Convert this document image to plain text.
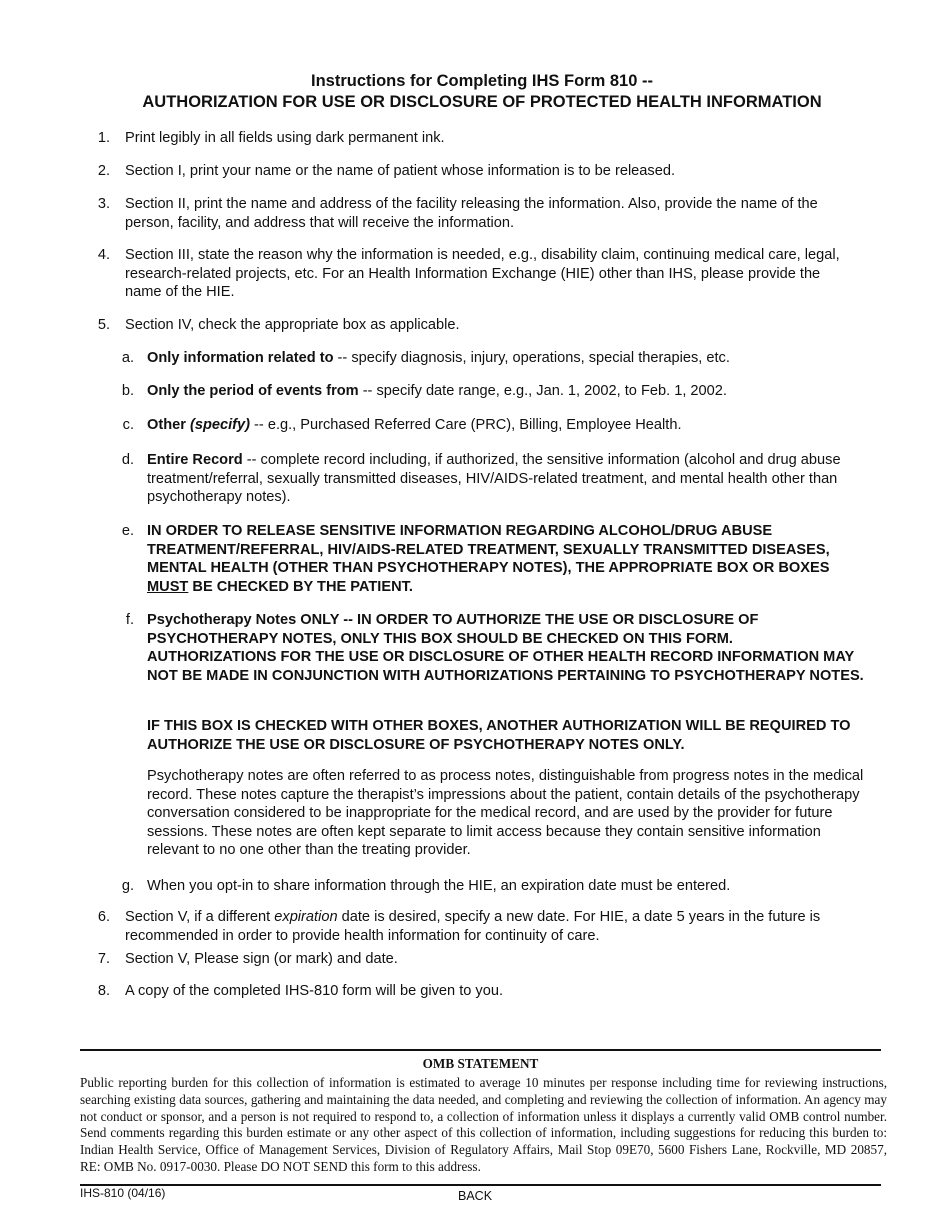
Instructions for Completing IHS Form 810 --
AUTHORIZATION FOR USE OR DISCLOSURE OF PROTECTED HEALTH INFORMATION
1. Print legibly in all fields using dark permanent ink.
2. Section I, print your name or the name of patient whose information is to be released.
3. Section II, print the name and address of the facility releasing the information. Also, provide the name of the person, facility, and address that will receive the information.
4. Section III, state the reason why the information is needed, e.g., disability claim, continuing medical care, legal, research-related projects, etc. For an Health Information Exchange (HIE) other than IHS, please provide the name of the HIE.
5. Section IV, check the appropriate box as applicable.
a. Only information related to -- specify diagnosis, injury, operations, special therapies, etc.
b. Only the period of events from -- specify date range, e.g., Jan. 1, 2002, to Feb. 1, 2002.
c. Other (specify) -- e.g., Purchased Referred Care (PRC), Billing, Employee Health.
d. Entire Record -- complete record including, if authorized, the sensitive information (alcohol and drug abuse treatment/referral, sexually transmitted diseases, HIV/AIDS-related treatment, and mental health other than psychotherapy notes).
e. IN ORDER TO RELEASE SENSITIVE INFORMATION REGARDING ALCOHOL/DRUG ABUSE TREATMENT/REFERRAL, HIV/AIDS-RELATED TREATMENT, SEXUALLY TRANSMITTED DISEASES, MENTAL HEALTH (OTHER THAN PSYCHOTHERAPY NOTES), THE APPROPRIATE BOX OR BOXES MUST BE CHECKED BY THE PATIENT.
f. Psychotherapy Notes ONLY -- IN ORDER TO AUTHORIZE THE USE OR DISCLOSURE OF PSYCHOTHERAPY NOTES, ONLY THIS BOX SHOULD BE CHECKED ON THIS FORM. AUTHORIZATIONS FOR THE USE OR DISCLOSURE OF OTHER HEALTH RECORD INFORMATION MAY NOT BE MADE IN CONJUNCTION WITH AUTHORIZATIONS PERTAINING TO PSYCHOTHERAPY NOTES.
IF THIS BOX IS CHECKED WITH OTHER BOXES, ANOTHER AUTHORIZATION WILL BE REQUIRED TO AUTHORIZE THE USE OR DISCLOSURE OF PSYCHOTHERAPY NOTES ONLY.
Psychotherapy notes are often referred to as process notes, distinguishable from progress notes in the medical record. These notes capture the therapist’s impressions about the patient, contain details of the psychotherapy conversation considered to be inappropriate for the medical record, and are used by the provider for future sessions. These notes are often kept separate to limit access because they contain sensitive information relevant to no one other than the treating provider.
g. When you opt-in to share information through the HIE, an expiration date must be entered.
6. Section V, if a different expiration date is desired, specify a new date. For HIE, a date 5 years in the future is recommended in order to provide health information for continuity of care.
7. Section V, Please sign (or mark) and date.
8. A copy of the completed IHS-810 form will be given to you.
OMB STATEMENT
Public reporting burden for this collection of information is estimated to average 10 minutes per response including time for reviewing instructions, searching existing data sources, gathering and maintaining the data needed, and completing and reviewing the collection of information. An agency may not conduct or sponsor, and a person is not required to respond to, a collection of information unless it displays a currently valid OMB control number. Send comments regarding this burden estimate or any other aspect of this collection of information, including suggestions for reducing this burden to: Indian Health Service, Office of Management Services, Division of Regulatory Affairs, Mail Stop 09E70, 5600 Fishers Lane, Rockville, MD 20857, RE: OMB No. 0917-0030. Please DO NOT SEND this form to this address.
IHS-810 (04/16)	BACK
